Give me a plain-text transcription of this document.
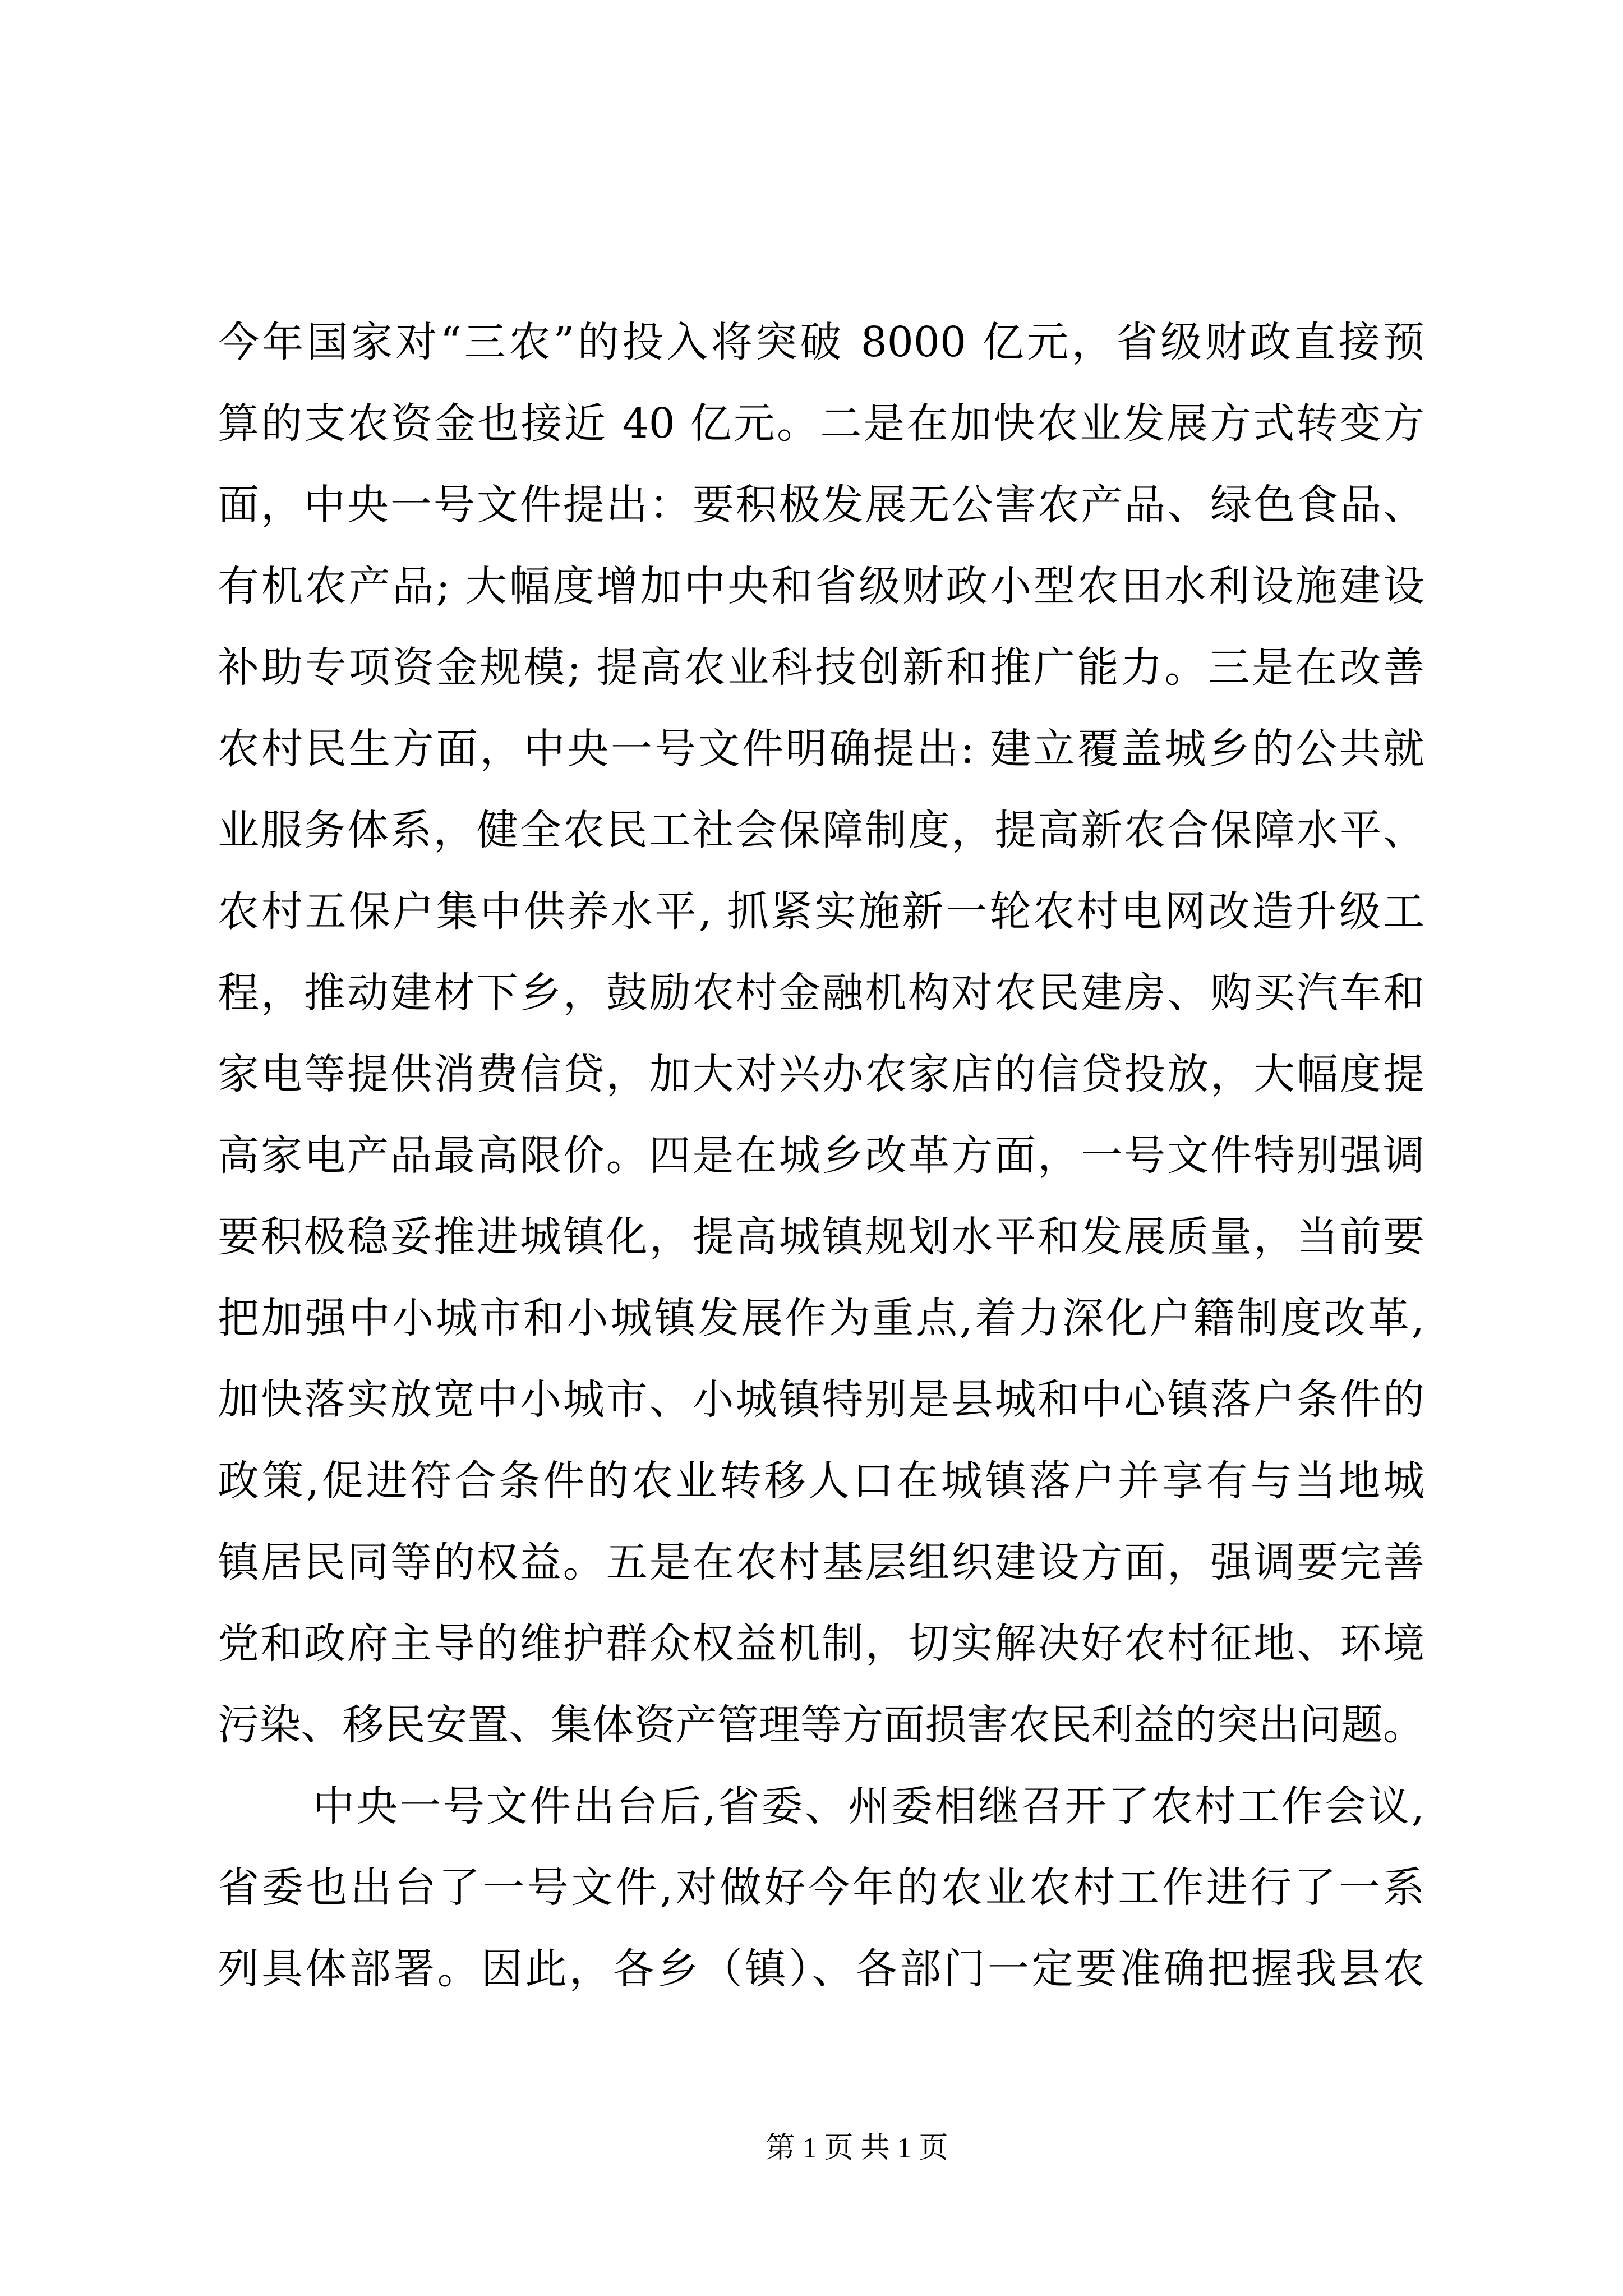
今年国家对“三农”的投入将突破 8000 亿元，省级财政直接预
算的支农资金也接近 40 亿元。二是在加快农业发展方式转变方
面，中央一号文件提出：要积极发展无公害农产品、绿色食品、
有机农产品; 大幅度增加中央和省级财政小型农田水利设施建设
补助专项资金规模; 提高农业科技创新和推广能力。三是在改善
农村民生方面，中央一号文件明确提出: 建立覆盖城乡的公共就
业服务体系，健全农民工社会保障制度，提高新农合保障水平、
农村五保户集中供养水平, 抓紧实施新一轮农村电网改造升级工
程，推动建材下乡，鼓励农村金融机构对农民建房、购买汽车和
家电等提供消费信贷，加大对兴办农家店的信贷投放，大幅度提
高家电产品最高限价。四是在城乡改革方面，一号文件特别强调
要积极稳妥推进城镇化，提高城镇规划水平和发展质量，当前要
把加强中小城市和小城镇发展作为重点,着力深化户籍制度改革,
加快落实放宽中小城市、小城镇特别是县城和中心镇落户条件的
政策,促进符合条件的农业转移人口在城镇落户并享有与当地城
镇居民同等的权益。五是在农村基层组织建设方面，强调要完善
党和政府主导的维护群众权益机制，切实解决好农村征地、环境
污染、移民安置、集体资产管理等方面损害农民利益的突出问题。
中央一号文件出台后,省委、州委相继召开了农村工作会议,
省委也出台了一号文件,对做好今年的农业农村工作进行了一系
列具体部署。因此，各乡（镇）、各部门一定要准确把握我县农
第 1 页 共 1 页
